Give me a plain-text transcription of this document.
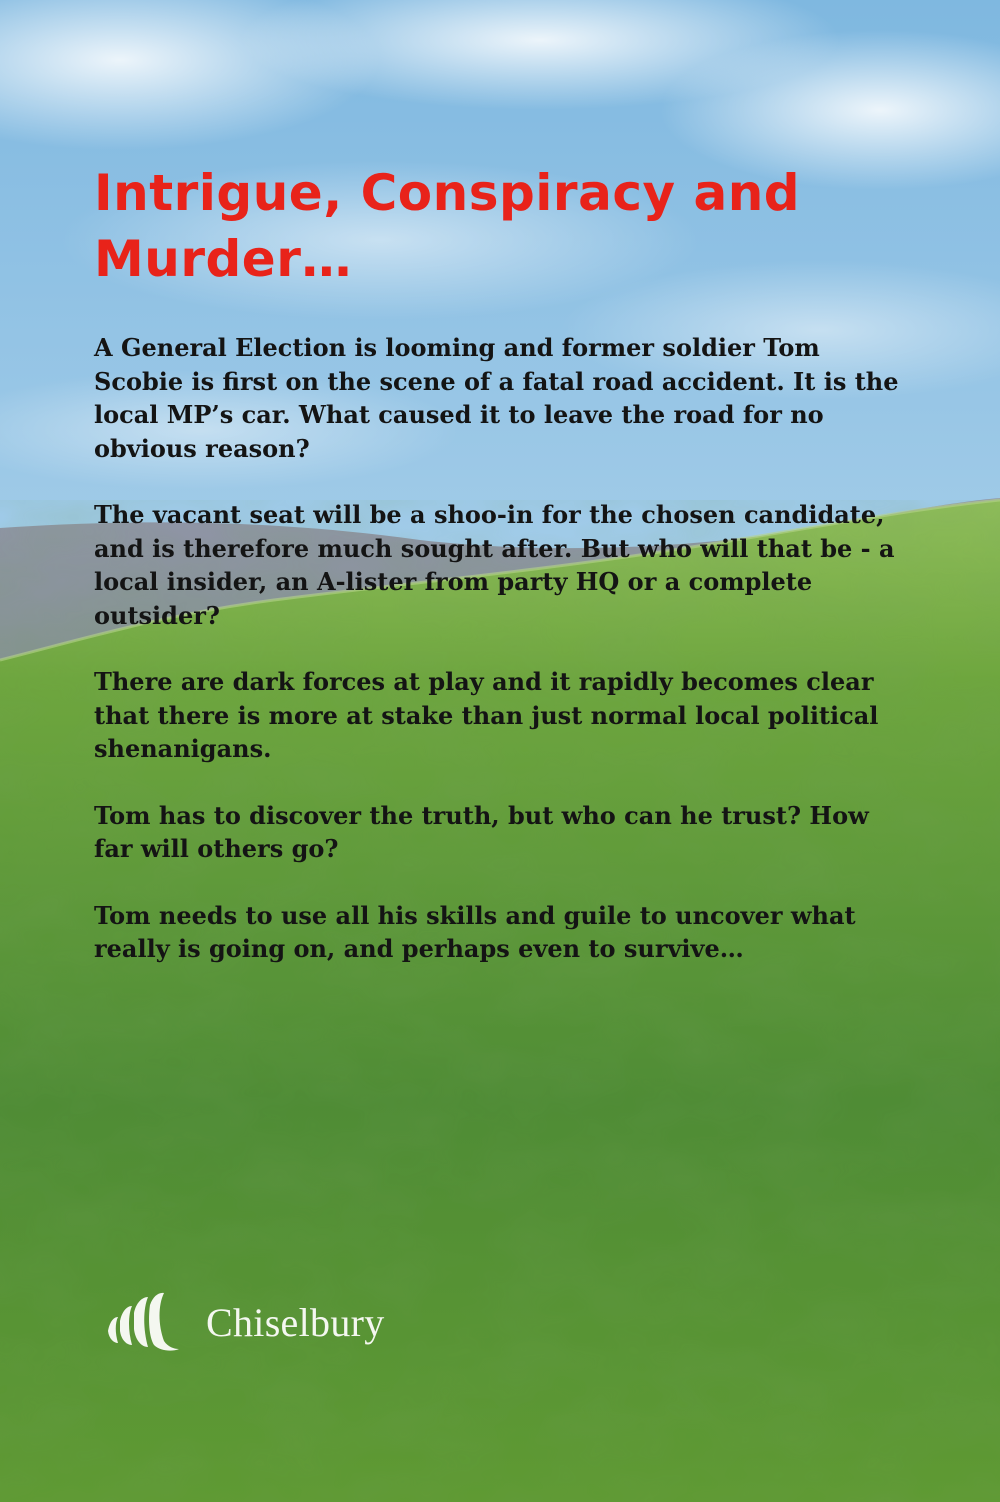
Intrigue, Conspiracy and
Murder…

A General Election is looming and former soldier Tom Scobie is first on the scene of a fatal road accident. It is the local MP’s car. What caused it to leave the road for no obvious reason?

The vacant seat will be a shoo-in for the chosen candidate, and is therefore much sought after. But who will that be - a local insider, an A-lister from party HQ or a complete outsider?

There are dark forces at play and it rapidly becomes clear that there is more at stake than just normal local political shenanigans.

Tom has to discover the truth, but who can he trust? How far will others go?

Tom needs to use all his skills and guile to uncover what really is going on, and perhaps even to survive…

Chiselbury
